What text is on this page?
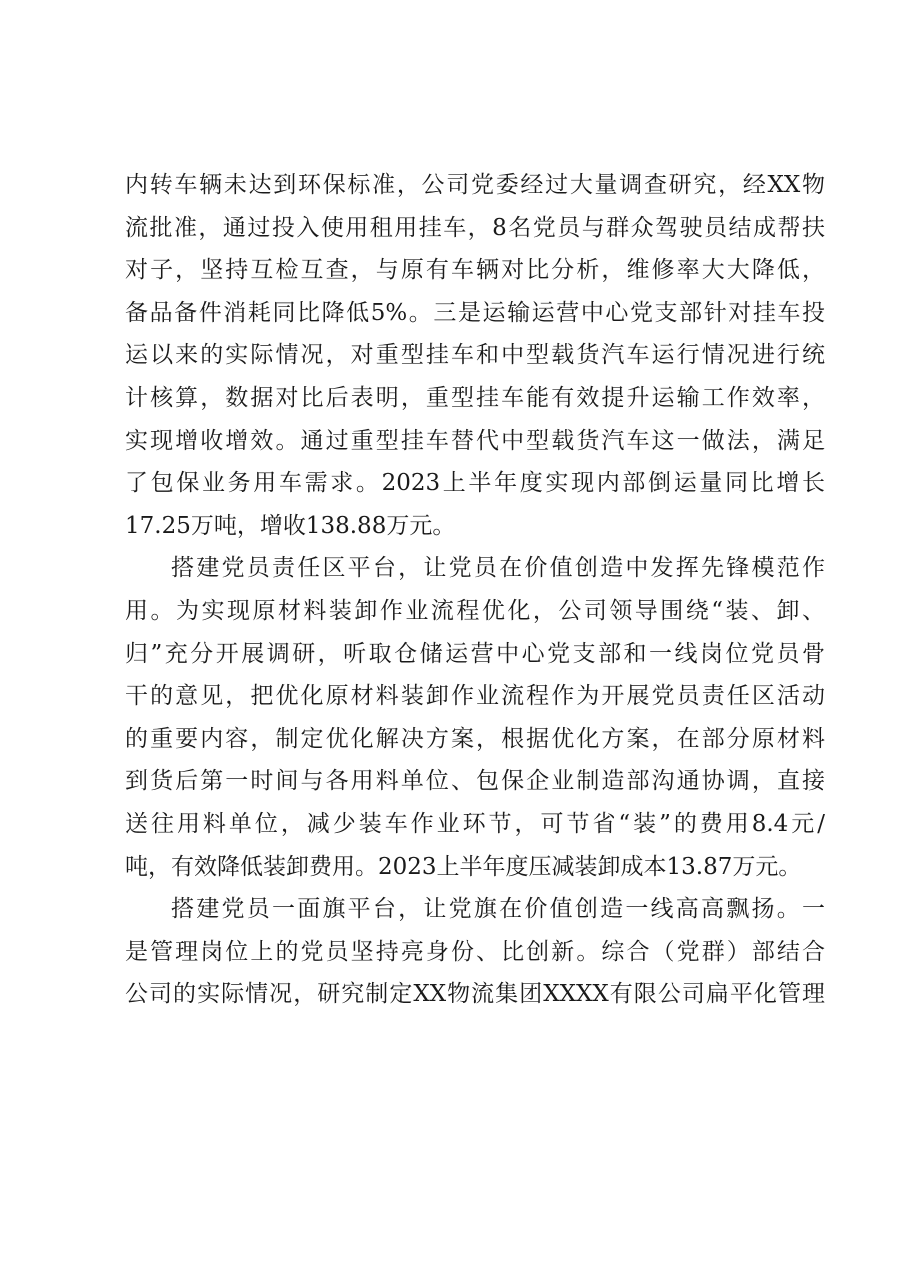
内转车辆未达到环保标准，公司党委经过大量调查研究，经XX物
流批准，通过投入使用租用挂车，8名党员与群众驾驶员结成帮扶
对子，坚持互检互查，与原有车辆对比分析，维修率大大降低，
备品备件消耗同比降低5%。三是运输运营中心党支部针对挂车投
运以来的实际情况，对重型挂车和中型载货汽车运行情况进行统
计核算，数据对比后表明，重型挂车能有效提升运输工作效率，
实现增收增效。通过重型挂车替代中型载货汽车这一做法，满足
了包保业务用车需求。2023上半年度实现内部倒运量同比增长
17.25万吨，增收138.88万元。
搭建党员责任区平台，让党员在价值创造中发挥先锋模范作
用。为实现原材料装卸作业流程优化，公司领导围绕“装、卸、
归”充分开展调研，听取仓储运营中心党支部和一线岗位党员骨
干的意见，把优化原材料装卸作业流程作为开展党员责任区活动
的重要内容，制定优化解决方案，根据优化方案，在部分原材料
到货后第一时间与各用料单位、包保企业制造部沟通协调，直接
送往用料单位，减少装车作业环节，可节省“装”的费用8.4元/
吨，有效降低装卸费用。2023上半年度压减装卸成本13.87万元。
搭建党员一面旗平台，让党旗在价值创造一线高高飘扬。一
是管理岗位上的党员坚持亮身份、比创新。综合（党群）部结合
公司的实际情况，研究制定XX物流集团XXXX有限公司扁平化管理
